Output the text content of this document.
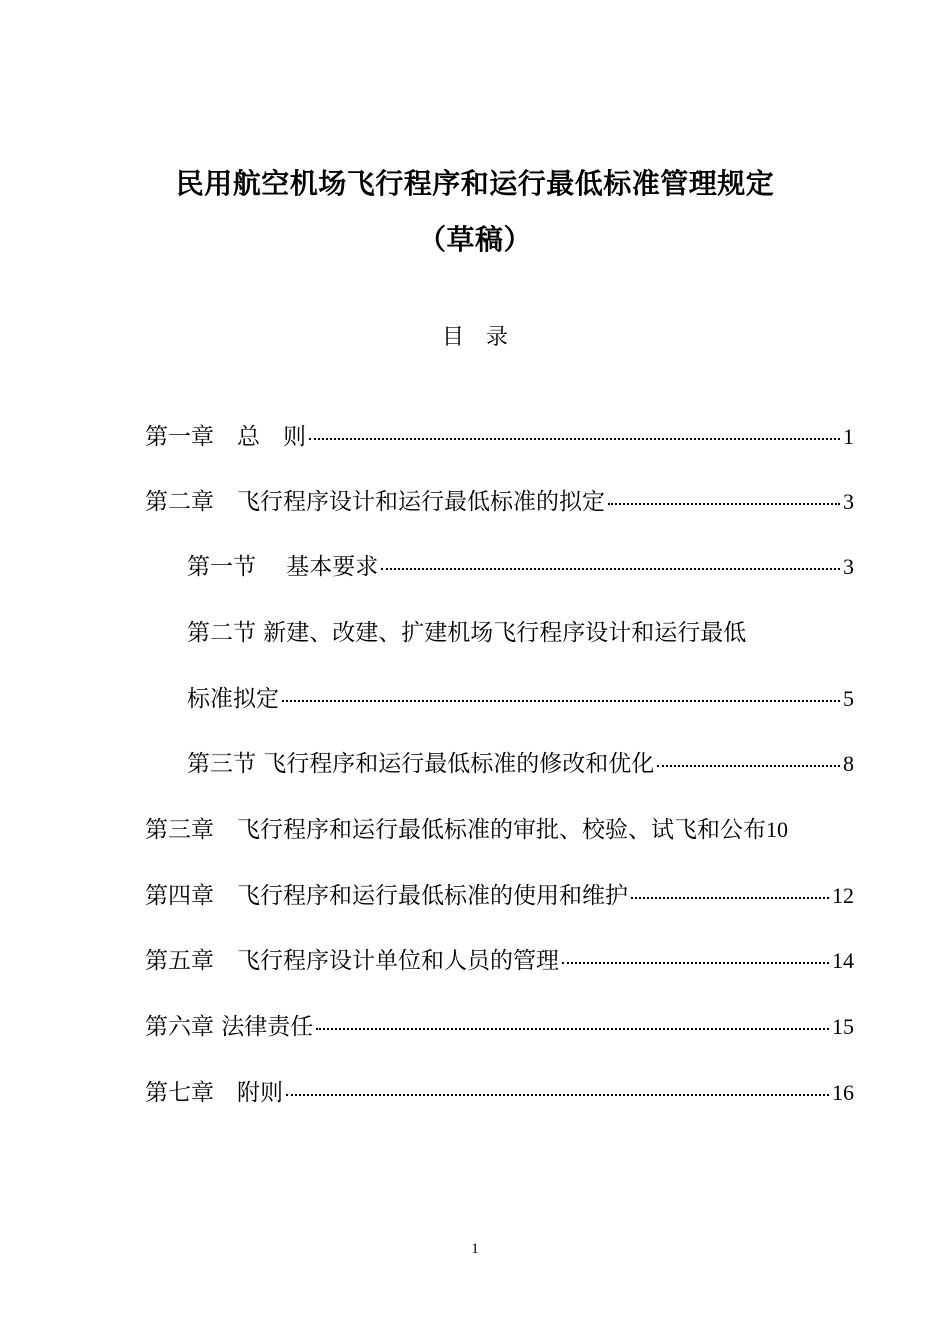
民用航空机场飞行程序和运行最低标准管理规定
（草稿）
目　录
第一章　总　则	1
第二章　飞行程序设计和运行最低标准的拟定	3
第一节　 基本要求	3
第二节 新建、改建、扩建机场飞行程序设计和运行最低
标准拟定	5
第三节 飞行程序和运行最低标准的修改和优化	8
第三章　飞行程序和运行最低标准的审批、校验、试飞和公布 10
第四章　飞行程序和运行最低标准的使用和维护	12
第五章　飞行程序设计单位和人员的管理	14
第六章 法律责任	15
第七章　附则	16
1
